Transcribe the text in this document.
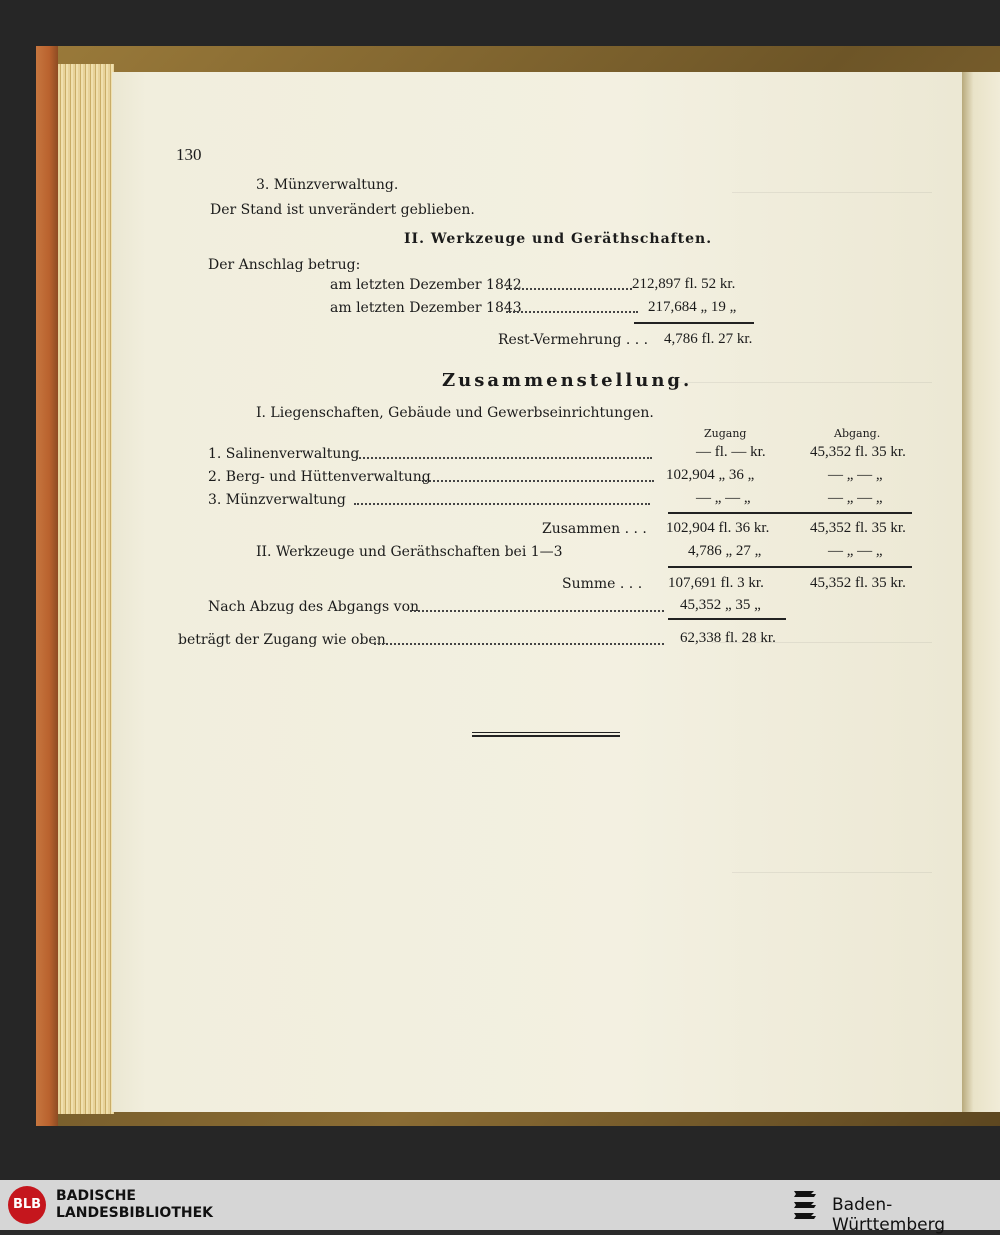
130
3. Münzverwaltung.
Der Stand ist unverändert geblieben.
II. Werkzeuge und Geräthschaften.
Der Anschlag betrug:
am letzten Dezember 1842	212,897 fl. 52 kr.
am letzten Dezember 1843	217,684 „ 19 „
Rest-Vermehrung . . . 4,786 fl. 27 kr.
Zusammenstellung.
I. Liegenschaften, Gebäude und Gewerbseinrichtungen.
Zugang	Abgang.
1. Salinenverwaltung	— fl. — kr.	45,352 fl. 35 kr.
2. Berg- und Hüttenverwaltung	102,904 „ 36 „	— „ — „
3. Münzverwaltung	— „ — „	— „ — „
Zusammen . . . 102,904 fl. 36 kr.	45,352 fl. 35 kr.
II. Werkzeuge und Geräthschaften bei 1—3	4,786 „ 27 „	— „ — „
Summe . . . 107,691 fl. 3 kr.	45,352 fl. 35 kr.
Nach Abzug des Abgangs von	45,352 „ 35 „
beträgt der Zugang wie oben	62,338 fl. 28 kr.
BLB
BADISCHE
LANDESBIBLIOTHEK	Baden-Württemberg
